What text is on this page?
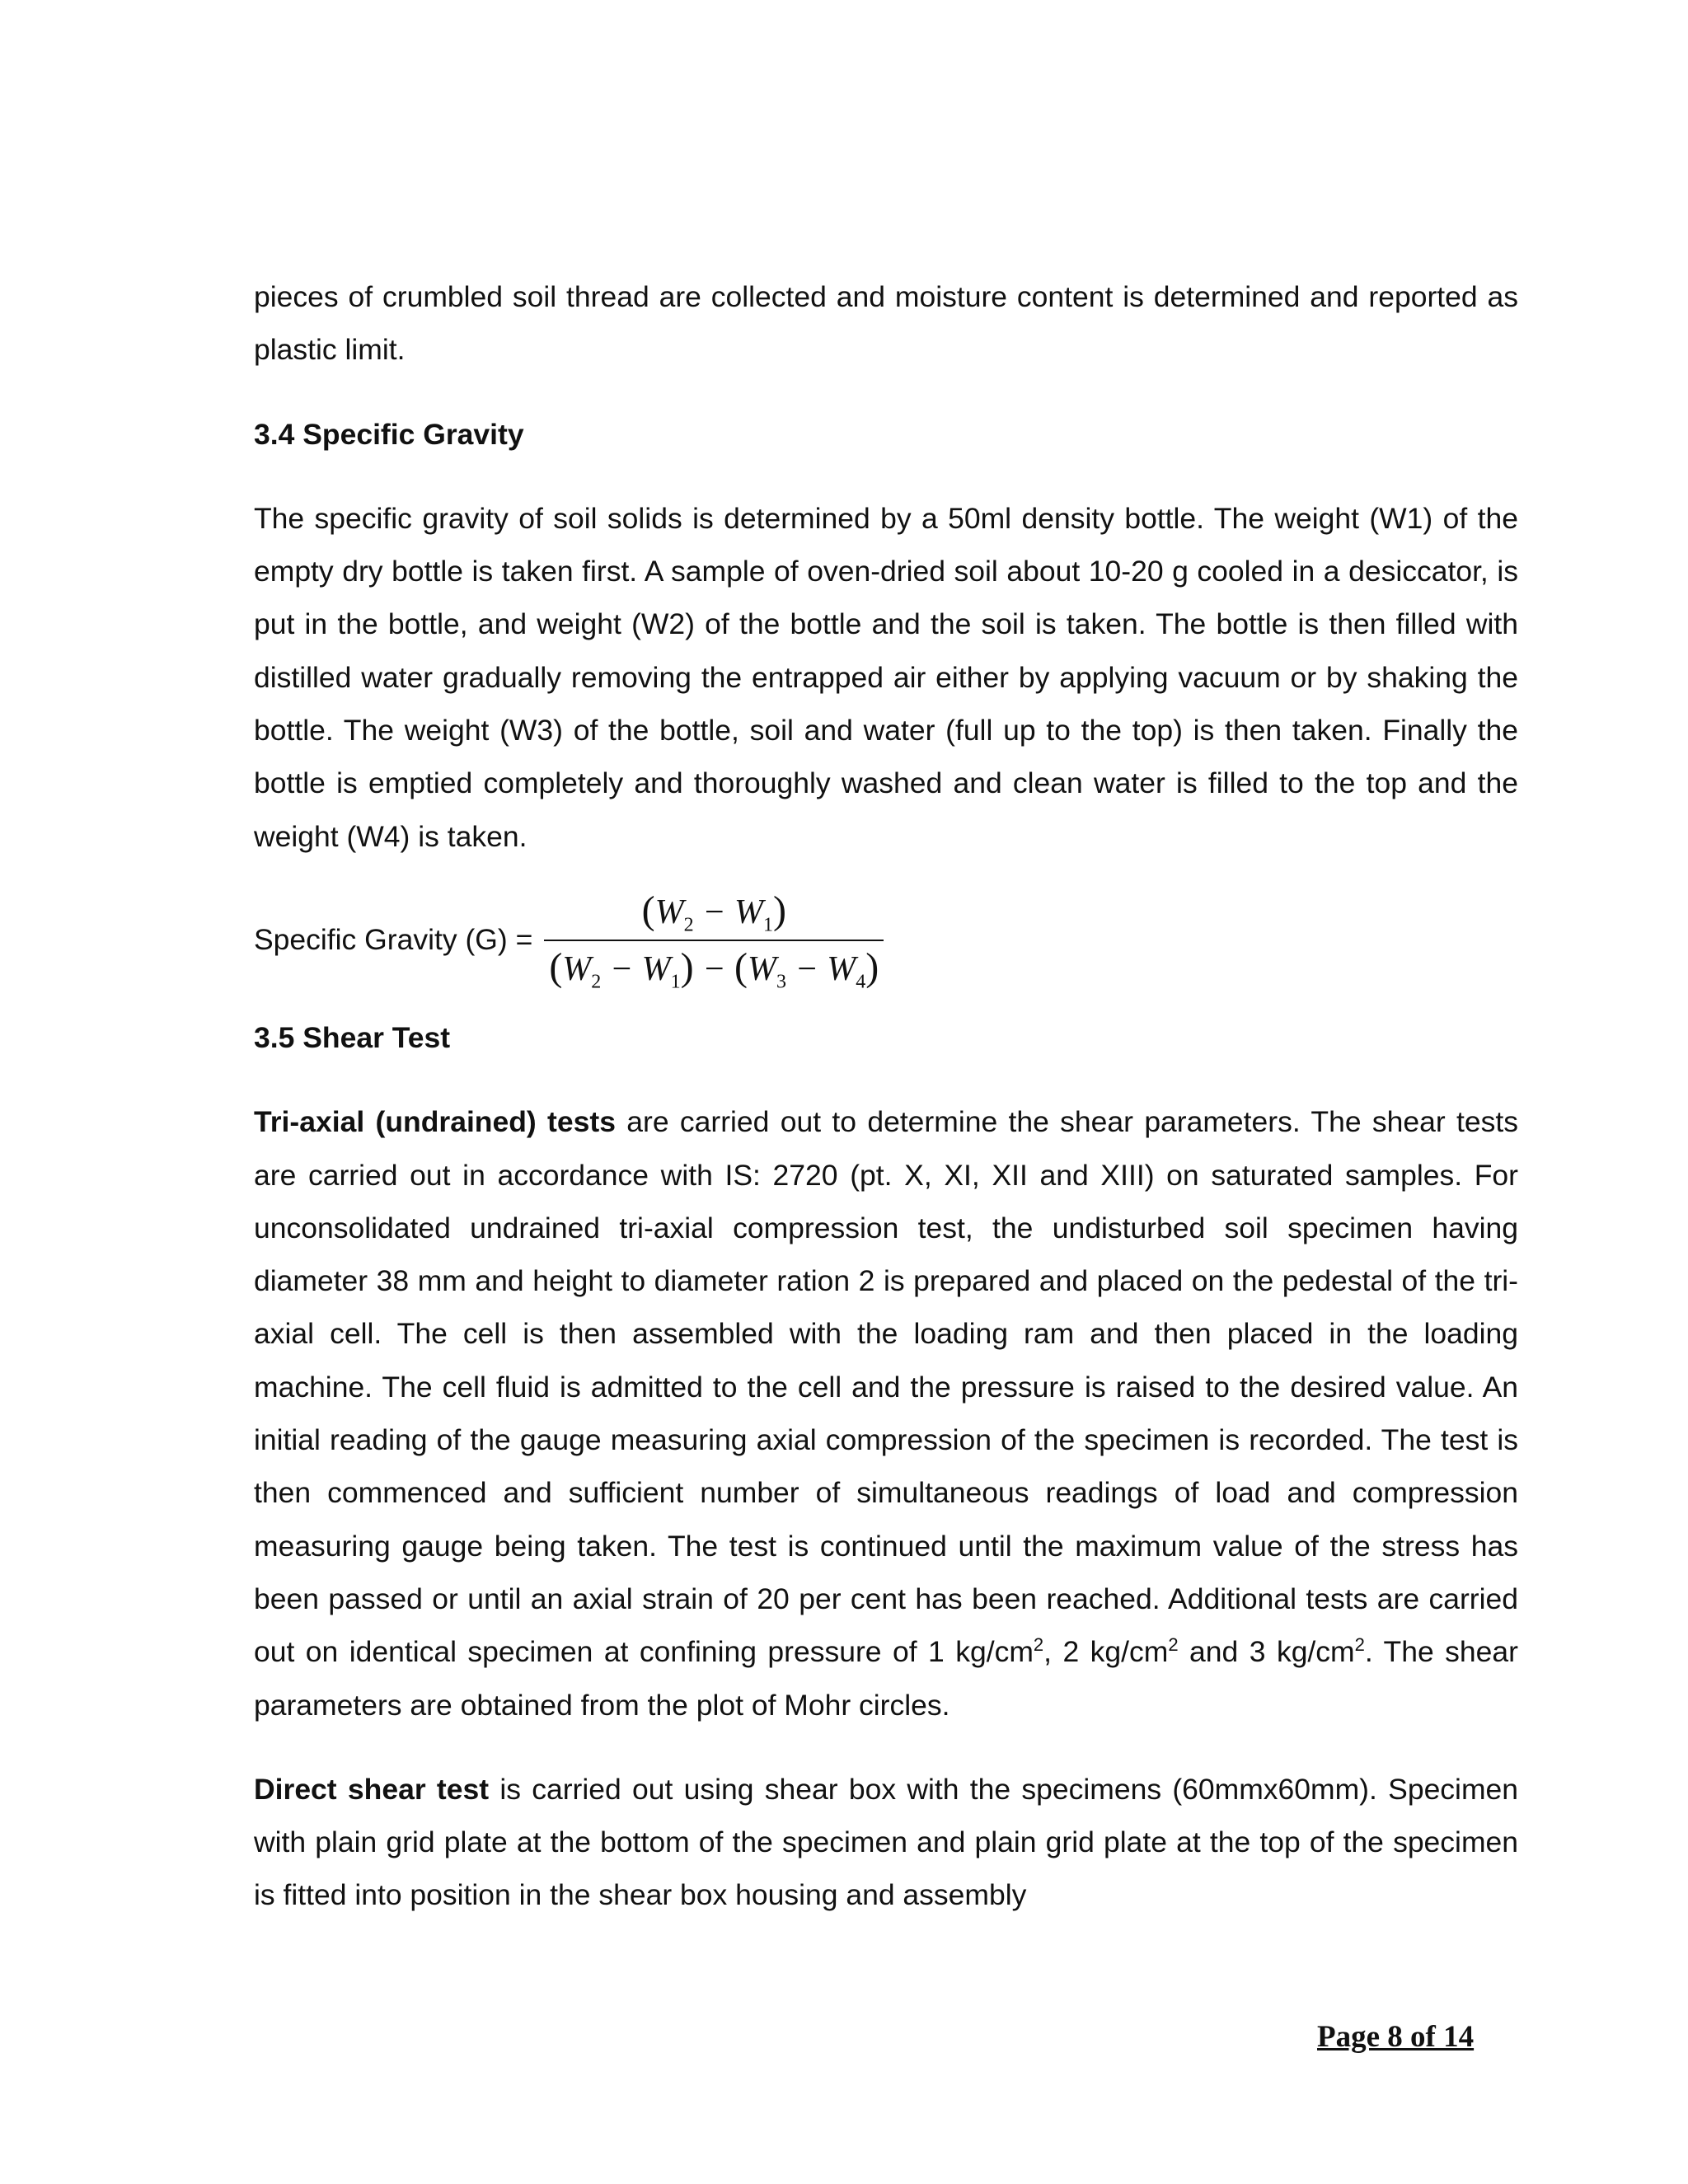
pieces of crumbled soil thread are collected and moisture content is determined and reported as plastic limit.

3.4 Specific Gravity

The specific gravity of soil solids is determined by a 50ml density bottle. The weight (W1) of the empty dry bottle is taken first. A sample of oven-dried soil about 10-20 g cooled in a desiccator, is put in the bottle, and weight (W2) of the bottle and the soil is taken. The bottle is then filled with distilled water gradually removing the entrapped air either by applying vacuum or by shaking the bottle. The weight (W3) of the bottle, soil and water (full up to the top) is then taken. Finally the bottle is emptied completely and thoroughly washed and clean water is filled to the top and the weight (W4) is taken.

Specific Gravity (G) =
$(W_2 - W_1)$
$(W_2 - W_1) - (W_3 - W_4)$
3.5 Shear Test

Tri-axial (undrained) tests are carried out to determine the shear parameters. The shear tests are carried out in accordance with IS: 2720 (pt. X, XI, XII and XIII) on saturated samples. For unconsolidated undrained tri-axial compression test, the undisturbed soil specimen having diameter 38 mm and height to diameter ration 2 is prepared and placed on the pedestal of the tri-axial cell. The cell is then assembled with the loading ram and then placed in the loading machine. The cell fluid is admitted to the cell and the pressure is raised to the desired value. An initial reading of the gauge measuring axial compression of the specimen is recorded. The test is then commenced and sufficient number of simultaneous readings of load and compression measuring gauge being taken. The test is continued until the maximum value of the stress has been passed or until an axial strain of 20 per cent has been reached. Additional tests are carried out on identical specimen at confining pressure of 1 $kg/cm^2$, 2 $kg/cm^2$ and 3 $kg/cm^2$. The shear parameters are obtained from the plot of Mohr circles.

Direct shear test is carried out using shear box with the specimens (60mmx60mm). Specimen with plain grid plate at the bottom of the specimen and plain grid plate at the top of the specimen is fitted into position in the shear box housing and assembly

Page 8 of 14
